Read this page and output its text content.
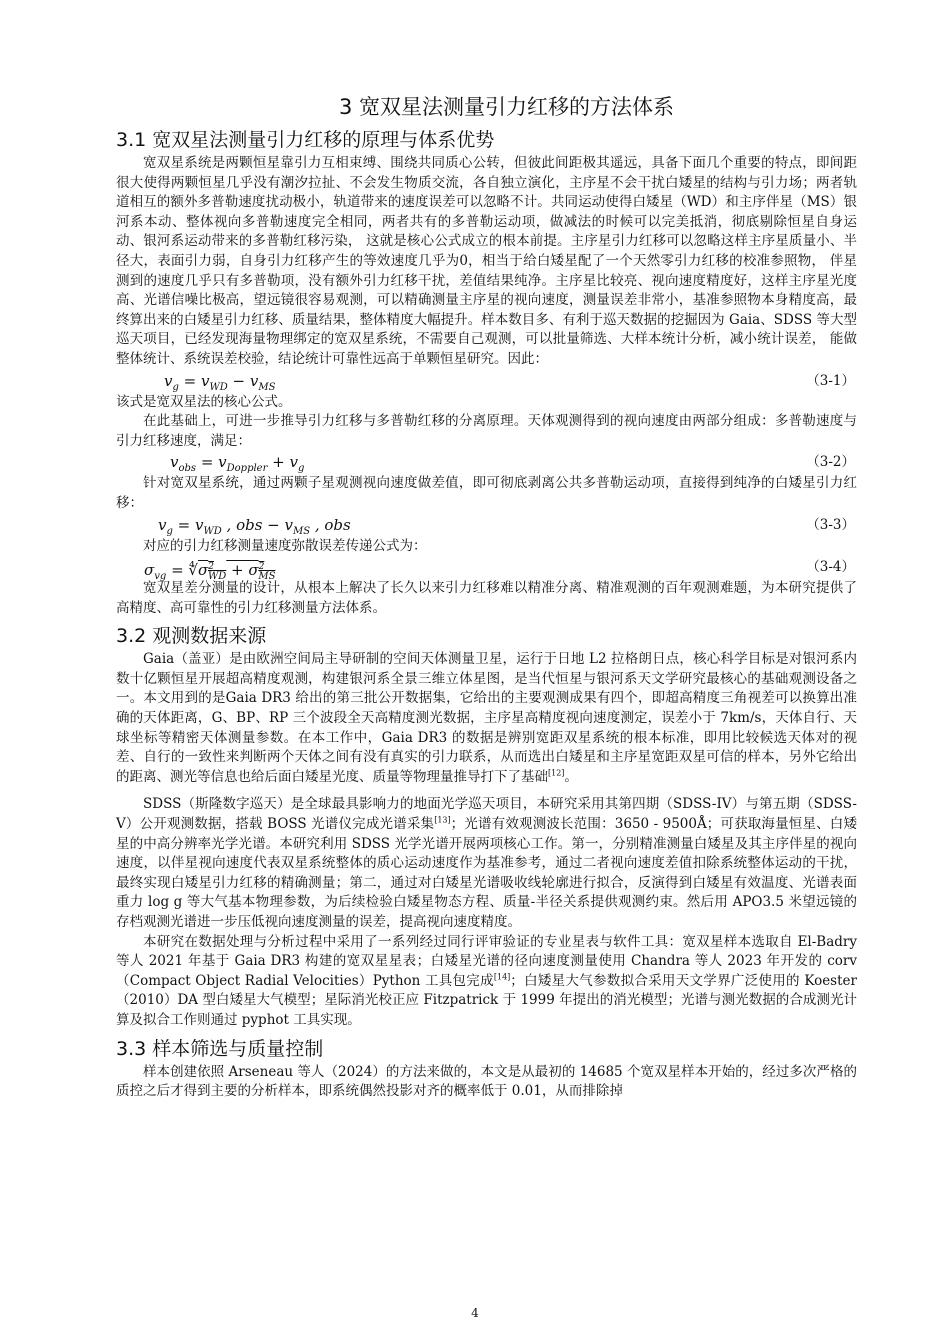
3 宽双星法测量引力红移的方法体系
3.1 宽双星法测量引力红移的原理与体系优势

宽双星系统是两颗恒星靠引力互相束缚、围绕共同质心公转，但彼此间距极其遥远，具备下面几个重要的特点，即间距很大使得两颗恒星几乎没有潮汐拉扯、不会发生物质交流，各自独立演化，主序星不会干扰白矮星的结构与引力场；两者轨道相互的额外多普勒速度扰动极小，轨道带来的速度误差可以忽略不计。共同运动使得白矮星（WD）和主序伴星（MS）银河系本动、整体视向多普勒速度完全相同，两者共有的多普勒运动项，做减法的时候可以完美抵消，彻底剔除恒星自身运动、银河系运动带来的多普勒红移污染， 这就是核心公式成立的根本前提。主序星引力红移可以忽略这样主序星质量小、半径大，表面引力弱，自身引力红移产生的等效速度几乎为0，相当于给白矮星配了一个天然零引力红移的校准参照物， 伴星测到的速度几乎只有多普勒项，没有额外引力红移干扰，差值结果纯净。主序星比较亮、视向速度精度好，这样主序星光度高、光谱信噪比极高，望远镜很容易观测，可以精确测量主序星的视向速度，测量误差非常小，基准参照物本身精度高，最终算出来的白矮星引力红移、质量结果，整体精度大幅提升。样本数目多、有利于巡天数据的挖掘因为 Gaia、SDSS 等大型巡天项目，已经发现海量物理绑定的宽双星系统，不需要自己观测，可以批量筛选、大样本统计分析，减小统计误差， 能做整体统计、系统误差校验，结论统计可靠性远高于单颗恒星研究。因此：

$v_g = v_{WD} - v_{MS}$	（3-1）

该式是宽双星法的核心公式。

在此基础上，可进一步推导引力红移与多普勒红移的分离原理。天体观测得到的视向速度由两部分组成：多普勒速度与引力红移速度，满足：

$v_{obs} = v_{Doppler} + v_g$	（3-2）

针对宽双星系统，通过两颗子星观测视向速度做差值，即可彻底剥离公共多普勒运动项，直接得到纯净的白矮星引力红移：

$v_g = v_{WD}$ , obs − $v_{MS}$ , obs	（3-3）

对应的引力红移测量速度弥散误差传递公式为：

$\sigma_{vg}$ = $∜\sigma^2_{WD} + \sigma^2_{MS}$
（3-4）

宽双星差分测量的设计，从根本上解决了长久以来引力红移难以精准分离、精准观测的百年观测难题，为本研究提供了高精度、高可靠性的引力红移测量方法体系。

3.2 观测数据来源

Gaia（盖亚）是由欧洲空间局主导研制的空间天体测量卫星，运行于日地 L2 拉格朗日点，核心科学目标是对银河系内数十亿颗恒星开展超高精度观测，构建银河系全景三维立体星图，是当代恒星与银河系天文学研究最核心的基础观测设备之一。本文用到的是Gaia DR3 给出的第三批公开数据集，它给出的主要观测成果有四个，即超高精度三角视差可以换算出准确的天体距离，G、BP、RP 三个波段全天高精度测光数据，主序星高精度视向速度测定，误差小于 7km/s，天体自行、天球坐标等精密天体测量参数。在本工作中，Gaia DR3 的数据是辨别宽距双星系统的根本标准，即用比较候选天体对的视差、自行的一致性来判断两个天体之间有没有真实的引力联系，从而选出白矮星和主序星宽距双星可信的样本，另外它给出的距离、测光等信息也给后面白矮星光度、质量等物理量推导打下了基础[12]。

SDSS（斯隆数字巡天）是全球最具影响力的地面光学巡天项目，本研究采用其第四期（SDSS-IV）与第五期（SDSS-V）公开观测数据，搭载 BOSS 光谱仪完成光谱采集[13]；光谱有效观测波长范围：3650 - 9500Å；可获取海量恒星、白矮星的中高分辨率光学光谱。本研究利用 SDSS 光学光谱开展两项核心工作。第一，分别精准测量白矮星及其主序伴星的视向速度，以伴星视向速度代表双星系统整体的质心运动速度作为基准参考，通过二者视向速度差值扣除系统整体运动的干扰，最终实现白矮星引力红移的精确测量；第二，通过对白矮星光谱吸收线轮廓进行拟合，反演得到白矮星有效温度、光谱表面重力 log g 等大气基本物理参数，为后续检验白矮星物态方程、质量-半径关系提供观测约束。然后用 APO3.5 米望远镜的存档观测光谱进一步压低视向速度测量的误差，提高视向速度精度。

本研究在数据处理与分析过程中采用了一系列经过同行评审验证的专业星表与软件工具：宽双星样本选取自 El-Badry 等人 2021 年基于 Gaia DR3 构建的宽双星星表；白矮星光谱的径向速度测量使用 Chandra 等人 2023 年开发的 corv（Compact Object Radial Velocities）Python 工具包完成[14]；白矮星大气参数拟合采用天文学界广泛使用的 Koester（2010）DA 型白矮星大气模型；星际消光校正应 Fitzpatrick 于 1999 年提出的消光模型；光谱与测光数据的合成测光计算及拟合工作则通过 pyphot 工具实现。

3.3 样本筛选与质量控制

样本创建依照 Arseneau 等人（2024）的方法来做的，本文是从最初的 14685 个宽双星样本开始的，经过多次严格的质控之后才得到主要的分析样本，即系统偶然投影对齐的概率低于 0.01，从而排除掉

4
